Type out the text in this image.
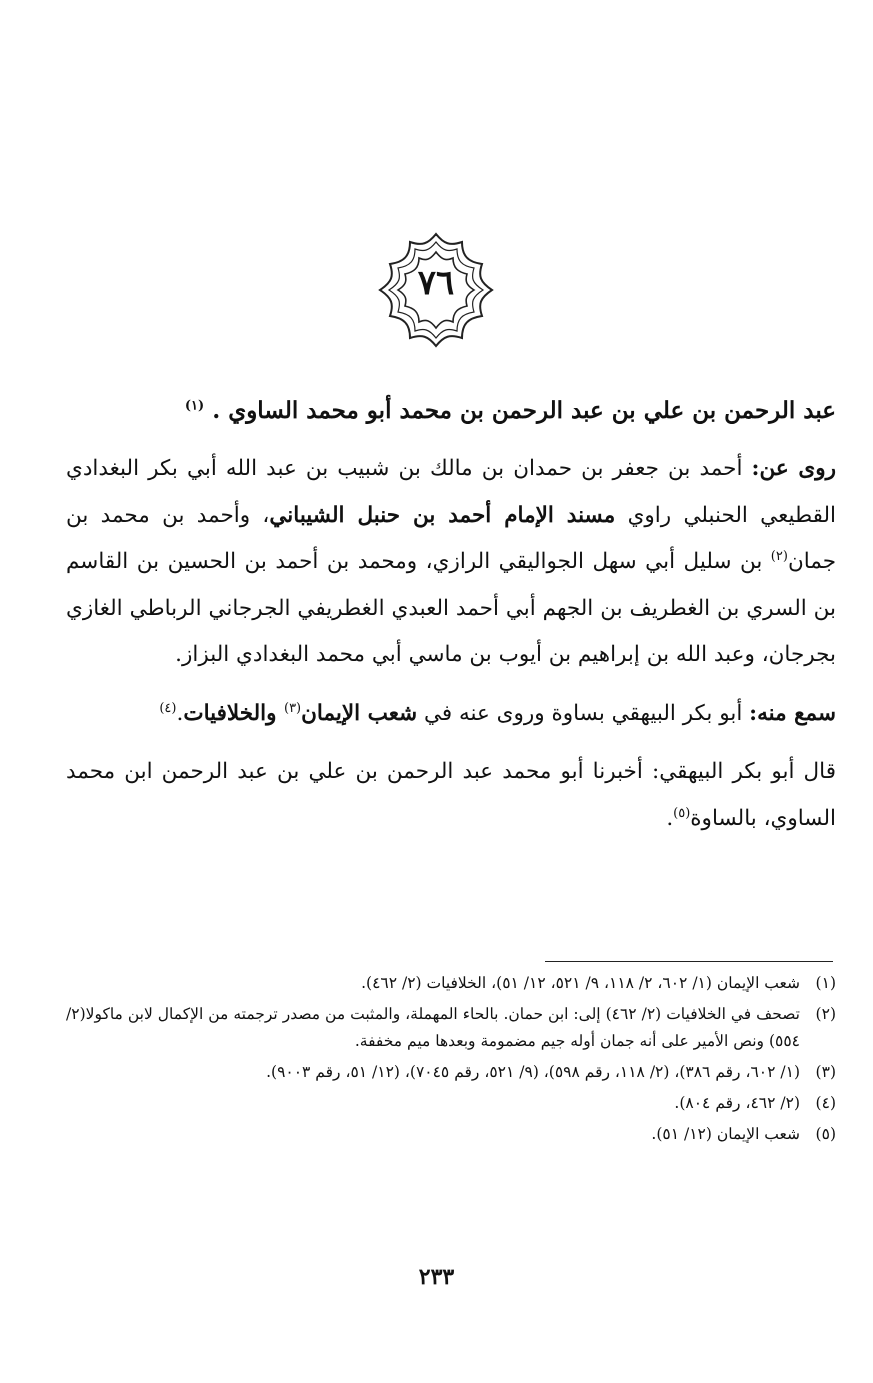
٧٦
عبد الرحمن بن علي بن عبد الرحمن بن محمد أبو محمد الساوي . $^{(١)}$

روى عن: أحمد بن جعفر بن حمدان بن مالك بن شبيب بن عبد الله أبي بكر البغدادي القطيعي الحنبلي راوي مسند الإمام أحمد بن حنبل الشيباني، وأحمد بن محمد بن جمان$^{(٢)}$ بن سليل أبي سهل الجواليقي الرازي، ومحمد بن أحمد بن الحسين بن القاسم بن السري بن الغطريف بن الجهم أبي أحمد العبدي الغطريفي الجرجاني الرباطي الغازي بجرجان، وعبد الله بن إبراهيم بن أيوب بن ماسي أبي محمد البغدادي البزاز.

سمع منه: أبو بكر البيهقي بساوة وروى عنه في شعب الإيمان$^{(٣)}$ والخلافيات.$^{(٤)}$

قال أبو بكر البيهقي: أخبرنا أبو محمد عبد الرحمن بن علي بن عبد الرحمن ابن محمد الساوي، بالساوة$^{(٥)}$.

(١)
شعب الإيمان (١/ ٦٠٢، ٢/ ١١٨، ٩/ ٥٢١، ١٢/ ٥١)، الخلافيات (٢/ ٤٦٢).
(٢)
تصحف في الخلافيات (٢/ ٤٦٢) إلى: ابن حمان. بالحاء المهملة، والمثبت من مصدر ترجمته من الإكمال لابن ماكولا(٢/ ٥٥٤) ونص الأمير على أنه جمان أوله جيم مضمومة وبعدها ميم مخففة.
(٣)
(١/ ٦٠٢، رقم ٣٨٦)، (٢/ ١١٨، رقم ٥٩٨)، (٩/ ٥٢١، رقم ٧٠٤٥)، (١٢/ ٥١، رقم ٩٠٠٣).
(٤)
(٢/ ٤٦٢، رقم ٨٠٤).
(٥)
شعب الإيمان (١٢/ ٥١).
٢٣٣
